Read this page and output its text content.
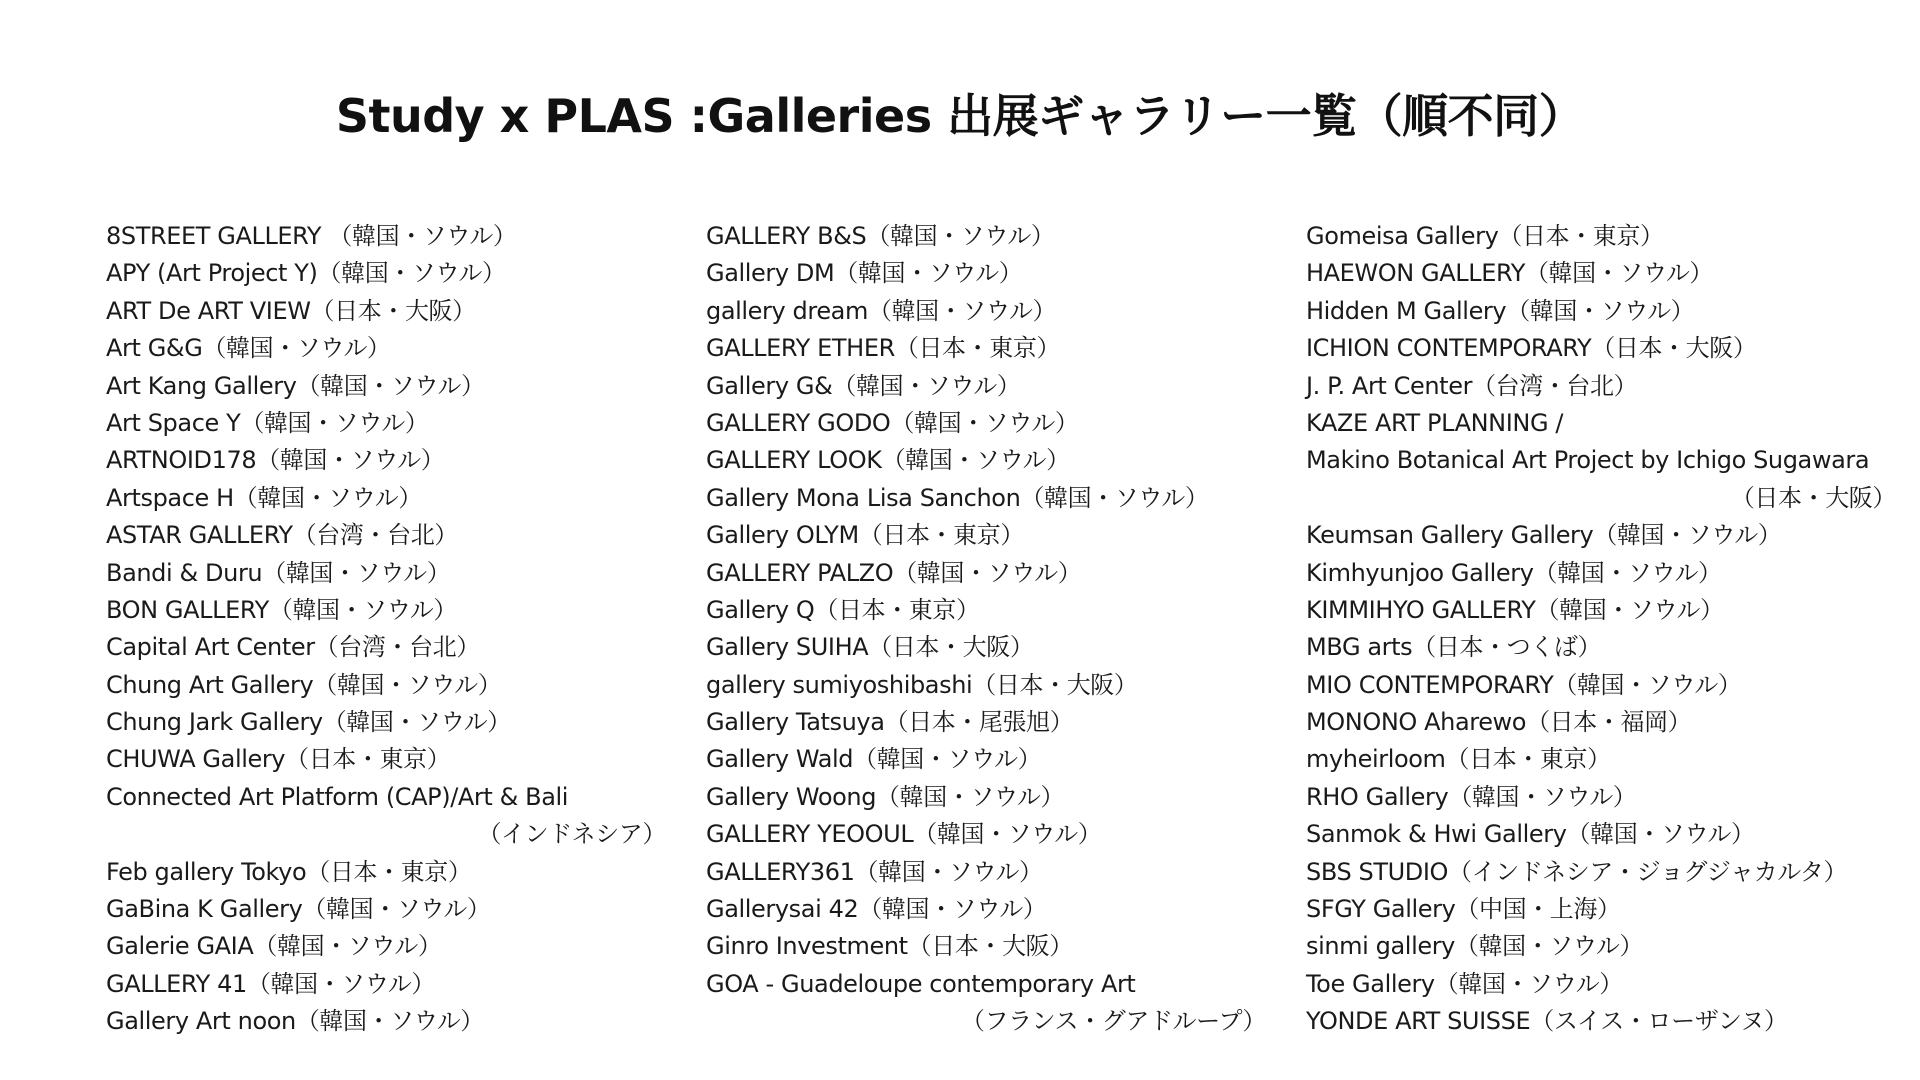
Study x PLAS :Galleries 出展ギャラリー一覧（順不同）
8STREET GALLERY （韓国・ソウル）
APY (Art Project Y)（韓国・ソウル）
ART De ART VIEW（日本・大阪）
Art G&G（韓国・ソウル）
Art Kang Gallery（韓国・ソウル）
Art Space Y（韓国・ソウル）
ARTNOID178（韓国・ソウル）
Artspace H（韓国・ソウル）
ASTAR GALLERY（台湾・台北）
Bandi & Duru（韓国・ソウル）
BON GALLERY（韓国・ソウル）
Capital Art Center（台湾・台北）
Chung Art Gallery（韓国・ソウル）
Chung Jark Gallery（韓国・ソウル）
CHUWA Gallery（日本・東京）
Connected Art Platform (CAP)/Art & Bali
（インドネシア）
Feb gallery Tokyo（日本・東京）
GaBina K Gallery（韓国・ソウル）
Galerie GAIA（韓国・ソウル）
GALLERY 41（韓国・ソウル）
Gallery Art noon（韓国・ソウル）
GALLERY B&S（韓国・ソウル）
Gallery DM（韓国・ソウル）
gallery dream（韓国・ソウル）
GALLERY ETHER（日本・東京）
Gallery G&（韓国・ソウル）
GALLERY GODO（韓国・ソウル）
GALLERY LOOK（韓国・ソウル）
Gallery Mona Lisa Sanchon（韓国・ソウル）
Gallery OLYM（日本・東京）
GALLERY PALZO（韓国・ソウル）
Gallery Q（日本・東京）
Gallery SUIHA（日本・大阪）
gallery sumiyoshibashi（日本・大阪）
Gallery Tatsuya（日本・尾張旭）
Gallery Wald（韓国・ソウル）
Gallery Woong（韓国・ソウル）
GALLERY YEOOUL（韓国・ソウル）
GALLERY361（韓国・ソウル）
Gallerysai 42（韓国・ソウル）
Ginro Investment（日本・大阪）
GOA - Guadeloupe contemporary Art
（フランス・グアドループ）
Gomeisa Gallery（日本・東京）
HAEWON GALLERY（韓国・ソウル）
Hidden M Gallery（韓国・ソウル）
ICHION CONTEMPORARY（日本・大阪）
J. P. Art Center（台湾・台北）
KAZE ART PLANNING /
Makino Botanical Art Project by Ichigo Sugawara
（日本・大阪）
Keumsan Gallery Gallery（韓国・ソウル）
Kimhyunjoo Gallery（韓国・ソウル）
KIMMIHYO GALLERY（韓国・ソウル）
MBG arts（日本・つくば）
MIO CONTEMPORARY（韓国・ソウル）
MONONO Aharewo（日本・福岡）
myheirloom（日本・東京）
RHO Gallery（韓国・ソウル）
Sanmok & Hwi Gallery（韓国・ソウル）
SBS STUDIO（インドネシア・ジョグジャカルタ）
SFGY Gallery（中国・上海）
sinmi gallery（韓国・ソウル）
Toe Gallery（韓国・ソウル）
YONDE ART SUISSE（スイス・ローザンヌ）
